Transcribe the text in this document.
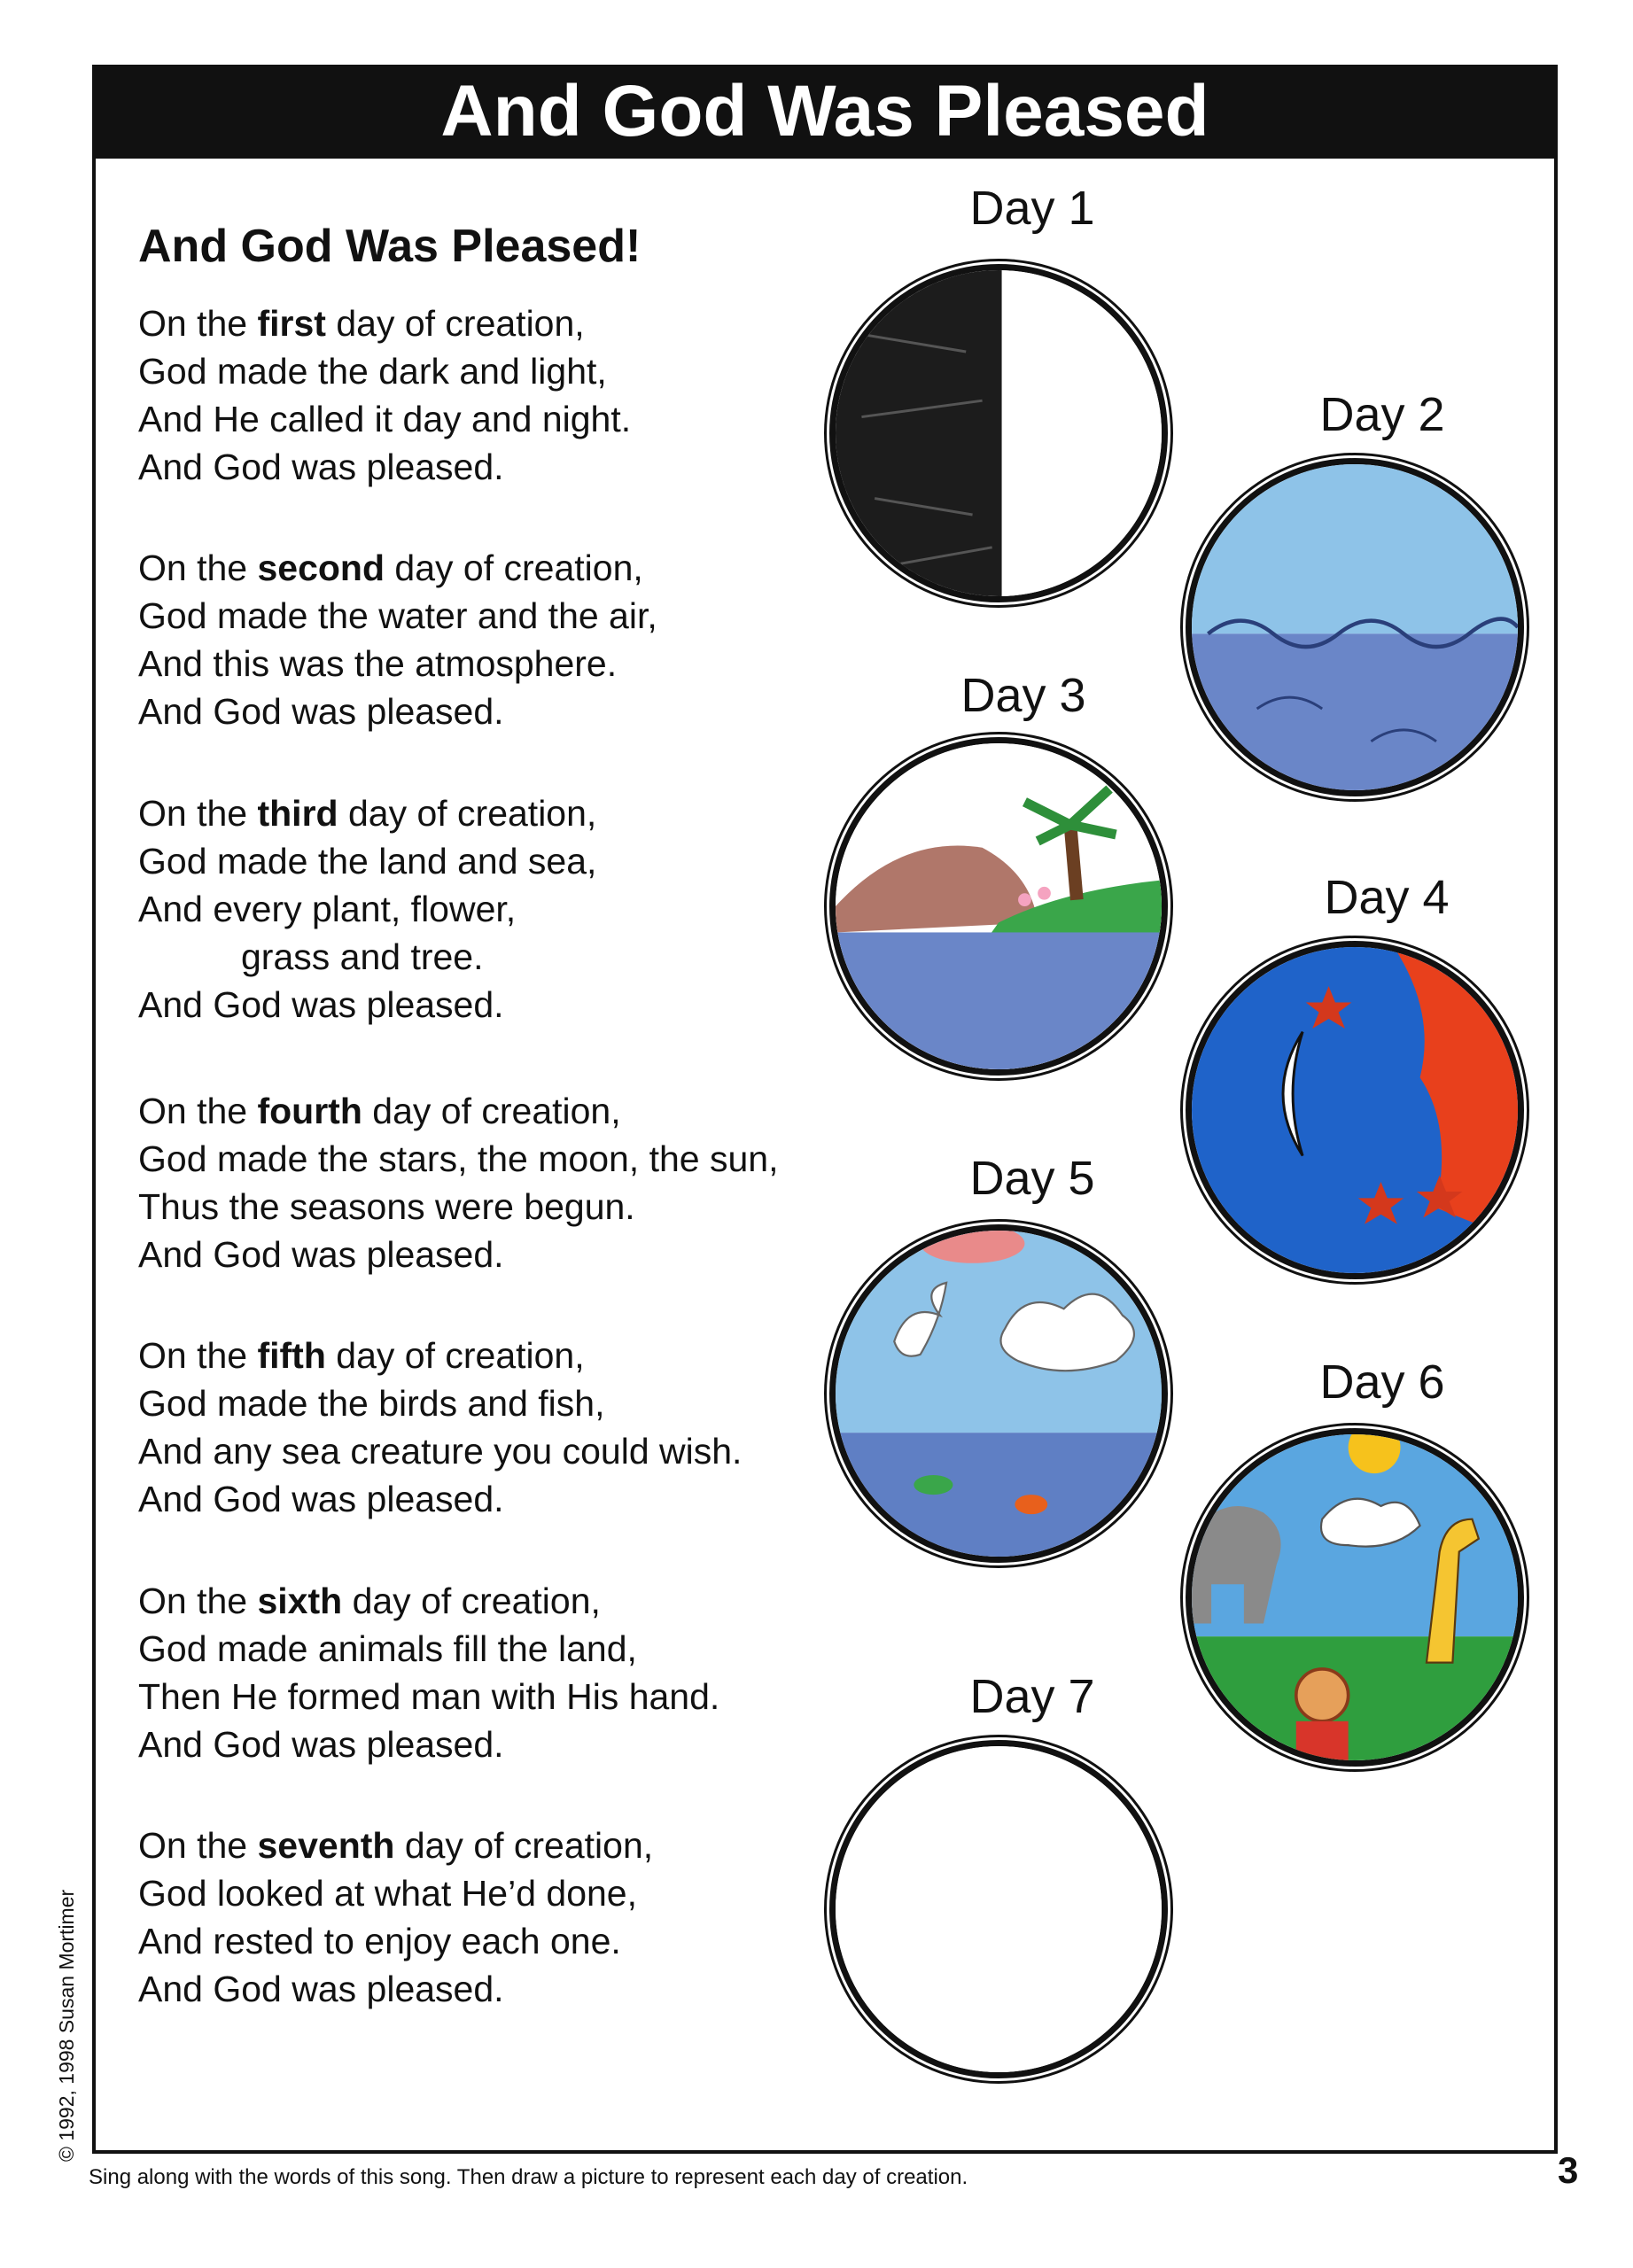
And God Was Pleased
And God Was Pleased!
On the first day of creation,
God made the dark and light,
And He called it day and night.
And God was pleased.
On the second day of creation,
God made the water and the air,
And this was the atmosphere.
And God was pleased.
On the third day of creation,
God made the land and sea,
And every plant, flower,
grass and tree.
And God was pleased.
On the fourth day of creation,
God made the stars, the moon, the sun,
Thus the seasons were begun.
And God was pleased.
On the fifth day of creation,
God made the birds and fish,
And any sea creature you could wish.
And God was pleased.
On the sixth day of creation,
God made animals fill the land,
Then He formed man with His hand.
And God was pleased.
On the seventh day of creation,
God looked at what He’d done,
And rested to enjoy each one.
And God was pleased.
Day 1
Day 2
Day 3
Day 4
Day 5
Day 6
Day 7
© 1992, 1998 Susan Mortimer
Sing along with the words of this song. Then draw a picture to represent each day of creation.	3
